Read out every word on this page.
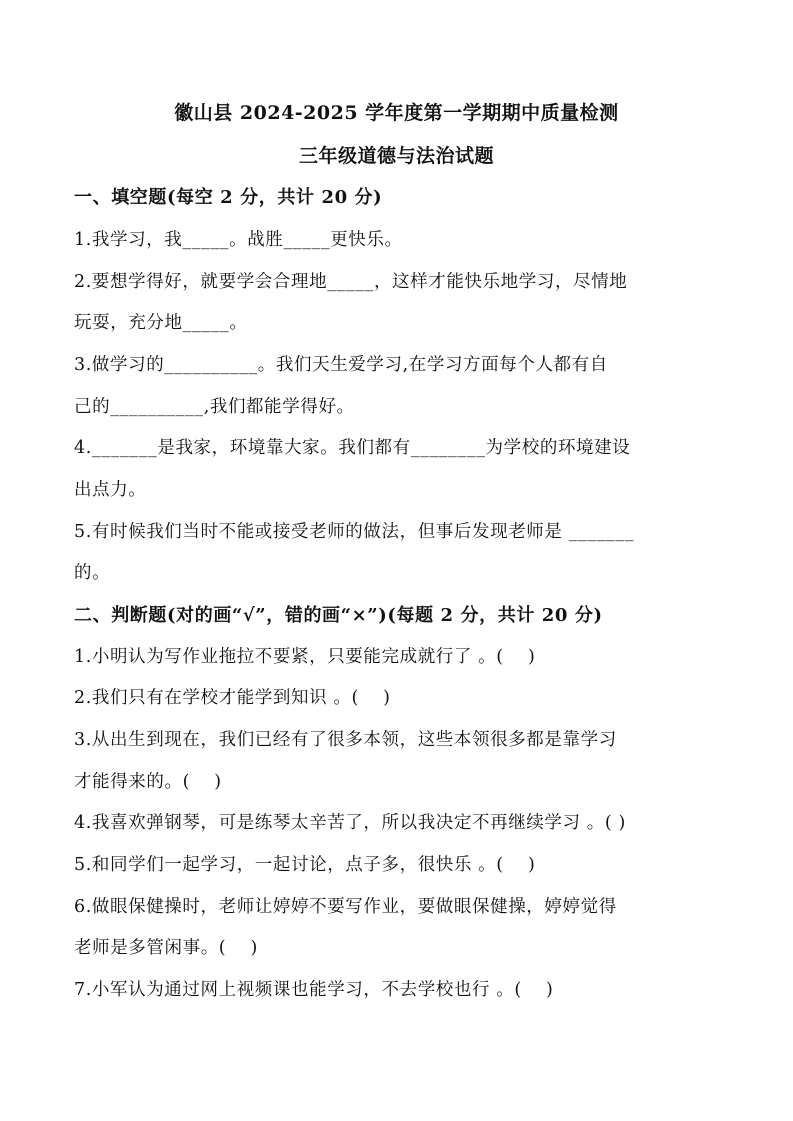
徽山县 2024-2025 学年度第一学期期中质量检测
三年级道德与法治试题
一、填空题(每空 2 分，共计 20 分)
1.我学习，我_____。战胜_____更快乐。
2.要想学得好，就要学会合理地_____，这样才能快乐地学习，尽情地
玩耍，充分地_____。
3.做学习的__________。我们天生爱学习,在学习方面每个人都有自
己的__________,我们都能学得好。
4._______是我家，环境靠大家。我们都有________为学校的环境建设
出点力。
5.有时候我们当时不能或接受老师的做法，但事后发现老师是 _______
的。
二、判断题(对的画“√”，错的画“×”)(每题 2 分，共计 20 分)
1.小明认为写作业拖拉不要紧，只要能完成就行了 。(　 )
2.我们只有在学校才能学到知识 。(　 )
3.从出生到现在，我们已经有了很多本领，这些本领很多都是靠学习
才能得来的。(　 )
4.我喜欢弹钢琴，可是练琴太辛苦了，所以我决定不再继续学习 。( )
5.和同学们一起学习，一起讨论，点子多，很快乐 。(　 )
6.做眼保健操时，老师让婷婷不要写作业，要做眼保健操，婷婷觉得
老师是多管闲事。(　 )
7.小军认为通过网上视频课也能学习，不去学校也行 。(　 )
